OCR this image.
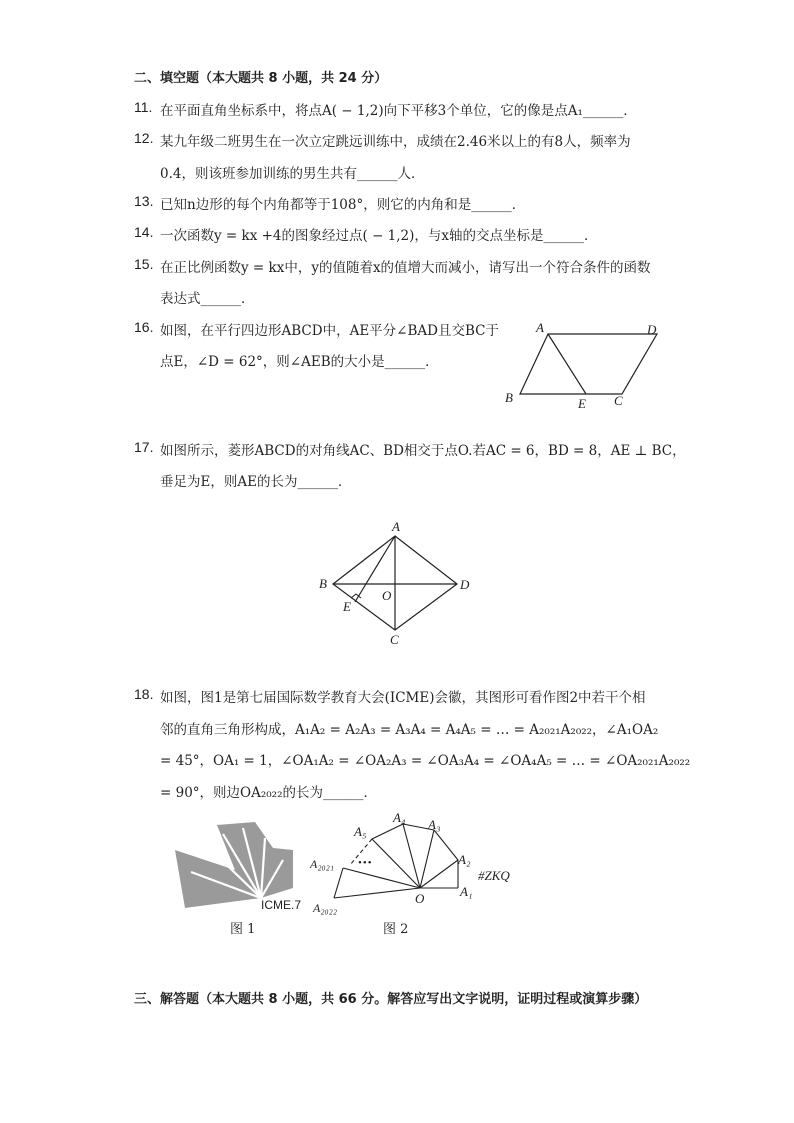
二、填空题（本大题共 8 小题，共 24 分）
11. 在平面直角坐标系中，将点A( − 1,2)向下平移3个单位，它的像是点A₁______．
12. 某九年级二班男生在一次立定跳远训练中，成绩在2.46米以上的有8人，频率为
0.4，则该班参加训练的男生共有______人．
13. 已知n边形的每个内角都等于108°，则它的内角和是______．
14. 一次函数y = kx +4的图象经过点( − 1,2)，与x轴的交点坐标是______．
15. 在正比例函数y = kx中，y的值随着x的值增大而减小，请写出一个符合条件的函数
表达式______．
16. 如图，在平行四边形ABCD中，AE平分∠BAD且交BC于
点E，∠D = 62°，则∠AEB的大小是______．
A	D
B	E C
17. 如图所示，菱形ABCD的对角线AC、BD相交于点O.若AC = 6，BD = 8，AE ⊥ BC，
垂足为E，则AE的长为______．
A
B	D
C
E
O
18. 如图，图1是第七届国际数学教育大会(ICME)会徽，其图形可看作图2中若干个相
邻的直角三角形构成，A₁A₂ = A₂A₃ = A₃A₄ = A₄A₅ = … = A₂₀₂₁A₂₀₂₂，∠A₁OA₂
= 45°，OA₁ = 1，∠OA₁A₂ = ∠OA₂A₃ = ∠OA₃A₄ = ∠OA₄A₅ = … = ∠OA₂₀₂₁A₂₀₂₂
= 90°，则边OA₂₀₂₂的长为______．
ICME.7
图 1
•••
A₁
A₂
A₃
A₄
A₅
A₂₀₂₁
A₂₀₂₂
O
#ZKQ
图 2
三、解答题（本大题共 8 小题，共 66 分。解答应写出文字说明，证明过程或演算步骤）
